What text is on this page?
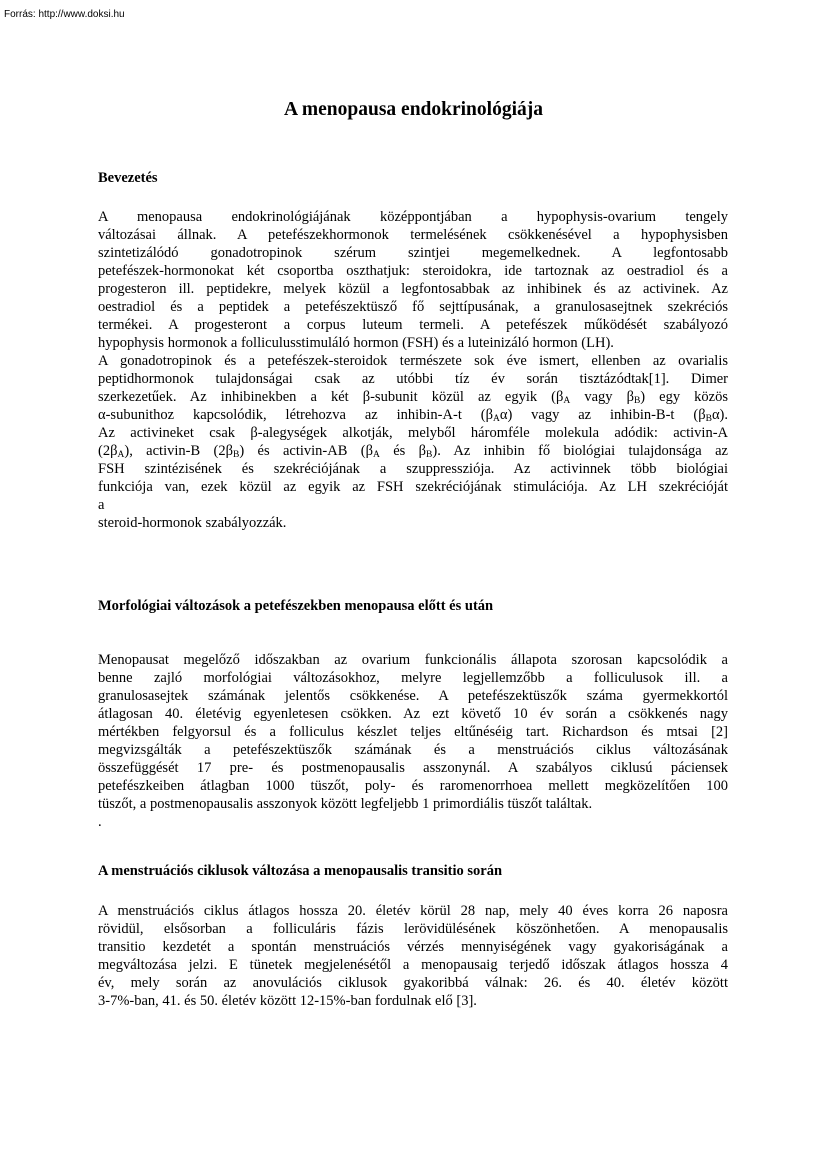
Forrás: http://www.doksi.hu
A menopausa endokrinológiája
Bevezetés
A menopausa endokrinológiájának középpontjában a hypophysis-ovarium tengely
változásai állnak. A petefészekhormonok termelésének csökkenésével a hypophysisben
szintetizálódó gonadotropinok szérum szintjei megemelkednek. A legfontosabb
petefészek-hormonokat két csoportba oszthatjuk: steroidokra, ide tartoznak az oestradiol és a
progesteron ill. peptidekre, melyek közül a legfontosabbak az inhibinek és az activinek. Az
oestradiol és a peptidek a petefészektüsző fő sejttípusának, a granulosasejtnek szekréciós
termékei. A progesteront a corpus luteum termeli. A petefészek működését szabályozó
hypophysis hormonok a folliculusstimuláló hormon (FSH) és a luteinizáló hormon (LH).
A gonadotropinok és a petefészek-steroidok természete sok éve ismert, ellenben az ovarialis
peptidhormonok tulajdonságai csak az utóbbi tíz év során tisztázódtak[1]. Dimer
szerkezetűek. Az inhibinekben a két β-subunit közül az egyik ($\beta_A$ vagy $\beta_B$) egy közös
α-subunithoz kapcsolódik, létrehozva az inhibin-A-t $(\beta_A\alpha)$ vagy az inhibin-B-t $(\beta_B\alpha)$.
Az activineket csak β-alegységek alkotják, melyből háromféle molekula adódik: activin-A
$(2\beta_A)$, activin-B $(2\beta_B)$ és activin-AB ($\beta_A$ és $\beta_B$). Az inhibin fő biológiai tulajdonsága az
FSH szintézisének és szekréciójának a szuppressziója. Az activinnek több biológiai
funkciója van, ezek közül az egyik az FSH szekréciójának stimulációja. Az LH szekrécióját
a
steroid-hormonok szabályozzák.
Morfológiai változások a petefészekben menopausa előtt és után
Menopausat megelőző időszakban az ovarium funkcionális állapota szorosan kapcsolódik a
benne zajló morfológiai változásokhoz, melyre legjellemzőbb a folliculusok ill. a
granulosasejtek számának jelentős csökkenése. A petefészektüszők száma gyermekkortól
átlagosan 40. életévig egyenletesen csökken. Az ezt követő 10 év során a csökkenés nagy
mértékben felgyorsul és a folliculus készlet teljes eltűnéséig tart. Richardson és mtsai [2]
megvizsgálták a petefészektüszők számának és a menstruációs ciklus változásának
összefüggését 17 pre- és postmenopausalis asszonynál. A szabályos ciklusú páciensek
petefészkeiben átlagban 1000 tüszőt, poly- és raromenorrhoea mellett megközelítően 100
tüszőt, a postmenopausalis asszonyok között legfeljebb 1 primordiális tüszőt találtak.
.
A menstruációs ciklusok változása a menopausalis transitio során
A menstruációs ciklus átlagos hossza 20. életév körül 28 nap, mely 40 éves korra 26 naposra
rövidül, elsősorban a folliculáris fázis lerövidülésének köszönhetően. A menopausalis
transitio kezdetét a spontán menstruációs vérzés mennyiségének vagy gyakoriságának a
megváltozása jelzi. E tünetek megjelenésétől a menopausaig terjedő időszak átlagos hossza 4
év, mely során az anovulációs ciklusok gyakoribbá válnak: 26. és 40. életév között
3-7%-ban, 41. és 50. életév között 12-15%-ban fordulnak elő [3].
